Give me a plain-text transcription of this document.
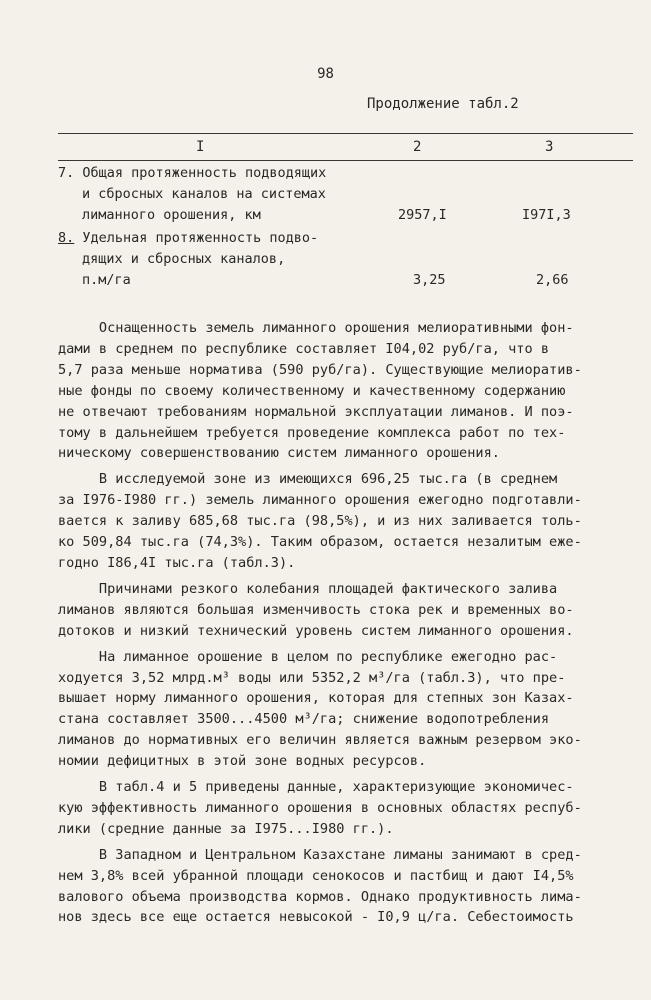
98
Продолжение табл.2
I	2	3
7. Общая протяженность подводящих
и сбросных каналов на системах
лиманного орошения, км	2957,I	I97I,3
8. Удельная протяженность подво-
дящих и сбросных каналов,
п.м/га	3,25	2,66
Оснащенность земель лиманного орошения мелиоративными фон-
дами в среднем по республике составляет I04,02 руб/га, что в
5,7 раза меньше норматива (590 руб/га). Существующие мелиоратив-
ные фонды по своему количественному и качественному содержанию
не отвечают требованиям нормальной эксплуатации лиманов. И поэ-
тому в дальнейшем требуется проведение комплекса работ по тех-
ническому совершенствованию систем лиманного орошения.
В исследуемой зоне из имеющихся 696,25 тыс.га (в среднем
за I976-I980 гг.) земель лиманного орошения ежегодно подготавли-
вается к заливу 685,68 тыс.га (98,5%), и из них заливается толь-
ко 509,84 тыс.га (74,3%). Таким образом, остается незалитым еже-
годно I86,4I тыс.га (табл.3).
Причинами резкого колебания площадей фактического залива
лиманов являются большая изменчивость стока рек и временных во-
дотоков и низкий технический уровень систем лиманного орошения.
На лиманное орошение в целом по республике ежегодно рас-
ходуется 3,52 млрд.м³ воды или 5352,2 м³/га (табл.3), что пре-
вышает норму лиманного орошения, которая для степных зон Казах-
стана составляет 3500...4500 м³/га; снижение водопотребления
лиманов до нормативных его величин является важным резервом эко-
номии дефицитных в этой зоне водных ресурсов.
В табл.4 и 5 приведены данные, характеризующие экономичес-
кую эффективность лиманного орошения в основных областях респуб-
лики (средние данные за I975...I980 гг.).
В Западном и Центральном Казахстане лиманы занимают в сред-
нем 3,8% всей убранной площади сенокосов и пастбищ и дают I4,5%
валового объема производства кормов. Однако продуктивность лима-
нов здесь все еще остается невысокой - I0,9 ц/га. Себестоимость
